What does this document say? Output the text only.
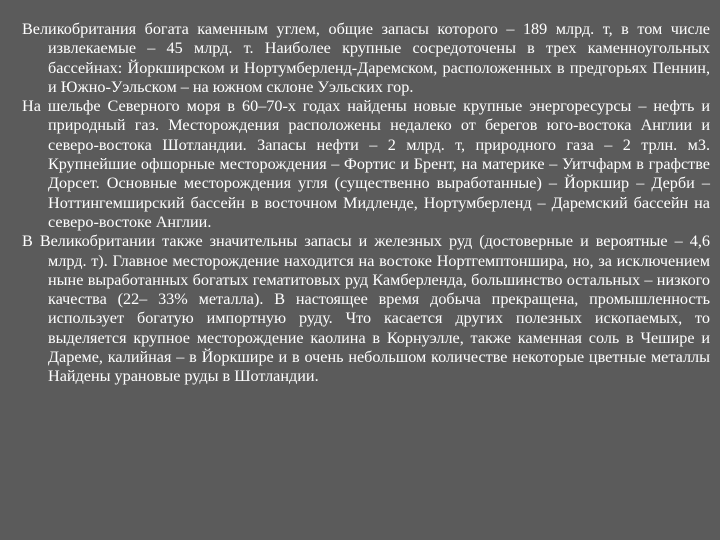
Великобритания богата каменным углем, общие запасы которого – 189 млрд. т, в том числе извлекаемые – 45 млрд. т. Наиболее крупные сосредоточены в трех каменноугольных бассейнах: Йоркширском и Нортумберленд-Даремском, расположенных в предгорьях Пеннин, и Южно-Уэльском – на южном склоне Уэльских гор.

На шельфе Северного моря в 60–70-х годах найдены новые крупные энергоресурсы – нефть и природный газ. Месторождения расположены недалеко от берегов юго-востока Англии и северо-востока Шотландии. Запасы нефти – 2 млрд. т, природного газа – 2 трлн. м3. Крупнейшие офшорные месторождения – Фортис и Брент, на материке – Уитчфарм в графстве Дорсет. Основные месторождения угля (существенно выработанные) – Йоркшир – Дерби – Ноттингемширский бассейн в восточном Мидленде, Нортумберленд – Даремский бассейн на северо-востоке Англии.

В Великобритании также значительны запасы и железных руд (достоверные и вероятные – 4,6 млрд. т). Главное месторождение находится на востоке Нортгемптоншира, но, за исключением ныне выработанных богатых гематитовых руд Камберленда, большинство остальных – низкого качества (22– 33% металла). В настоящее время добыча прекращена, промышленность использует богатую импортную руду. Что касается других полезных ископаемых, то выделяется крупное месторождение каолина в Корнуэлле, также каменная соль в Чешире и Дареме, калийная – в Йоркшире и в очень небольшом количестве некоторые цветные металлы Найдены урановые руды в Шотландии.
